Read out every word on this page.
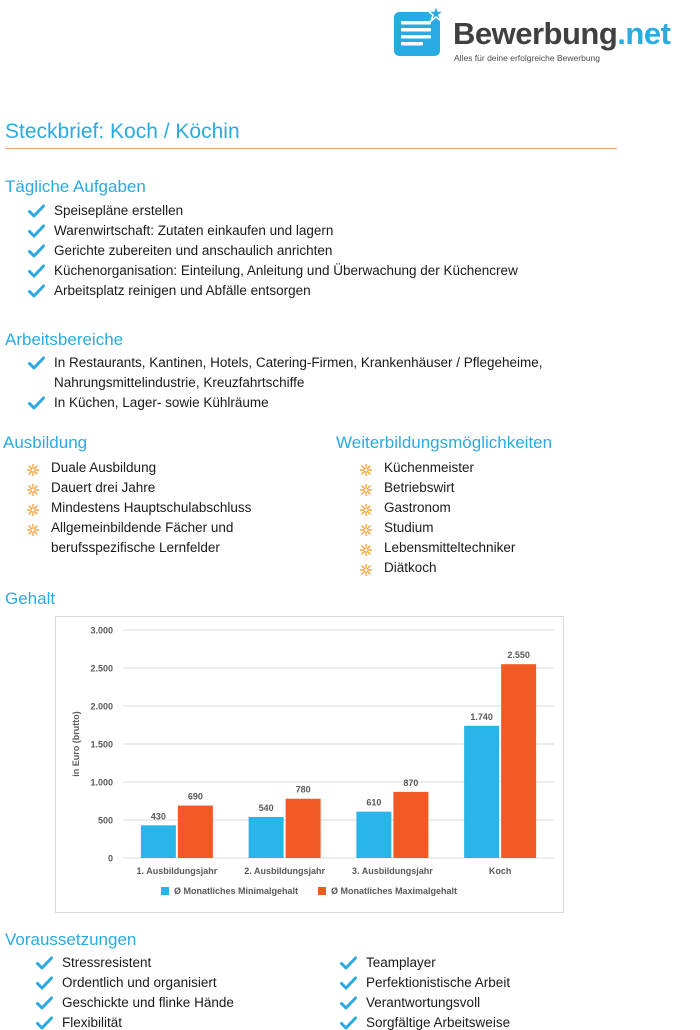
Bewerbung.net
Alles für deine erfolgreiche Bewerbung
Steckbrief: Koch / Köchin
Tägliche Aufgaben
Speisepläne erstellen
Warenwirtschaft: Zutaten einkaufen und lagern
Gerichte zubereiten und anschaulich anrichten
Küchenorganisation: Einteilung, Anleitung und Überwachung der Küchencrew
Arbeitsplatz reinigen und Abfälle entsorgen
Arbeitsbereiche
In Restaurants, Kantinen, Hotels, Catering-Firmen, Krankenhäuser / Pflegeheime, Nahrungsmittelindustrie, Kreuzfahrtschiffe
In Küchen, Lager- sowie Kühlräume
Ausbildung
Duale Ausbildung
Dauert drei Jahre
Mindestens Hauptschulabschluss
Allgemeinbildende Fächer und berufsspezifische Lernfelder
Weiterbildungsmöglichkeiten
Küchenmeister
Betriebswirt
Gastronom
Studium
Lebensmitteltechniker
Diätkoch
Gehalt
0
500
1.000
1.500
2.000
2.500
3.000
in Euro (brutto)
430
690
1. Ausbildungsjahr
540
780
2. Ausbildungsjahr
610
870
3. Ausbildungsjahr
1.740
2.550
Koch
Ø Monatliches Minimalgehalt	Ø Monatliches Maximalgehalt
Voraussetzungen
Stressresistent
Ordentlich und organisiert
Geschickte und flinke Hände
Flexibilität
Teamplayer
Perfektionistische Arbeit
Verantwortungsvoll
Sorgfältige Arbeitsweise
